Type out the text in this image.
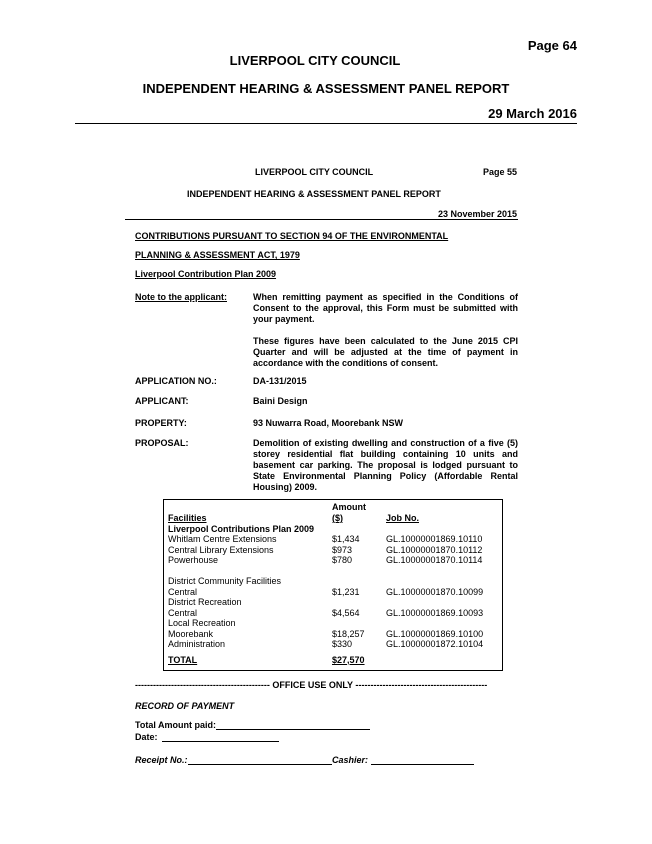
Page 64
LIVERPOOL CITY COUNCIL
INDEPENDENT HEARING & ASSESSMENT PANEL REPORT
29 March 2016
LIVERPOOL CITY COUNCIL	Page 55
INDEPENDENT HEARING & ASSESSMENT PANEL REPORT
23 November 2015
CONTRIBUTIONS PURSUANT TO SECTION 94 OF THE ENVIRONMENTAL
PLANNING & ASSESSMENT ACT, 1979
Liverpool Contribution Plan 2009
Note to the applicant:	When remitting payment as specified in the Conditions of Consent to the approval, this Form must be submitted with your payment.
These figures have been calculated to the June 2015 CPI Quarter and will be adjusted at the time of payment in accordance with the conditions of consent.
APPLICATION NO.:	DA-131/2015
APPLICANT:	Baini Design
PROPERTY:	93 Nuwarra Road, Moorebank NSW
PROPOSAL:	Demolition of existing dwelling and construction of a five (5) storey residential flat building containing 10 units and basement car parking. The proposal is lodged pursuant to State Environmental Planning Policy (Affordable Rental Housing) 2009.
Amount
Facilities	($)	Job No.
Liverpool Contributions Plan 2009
Whitlam Centre Extensions	$1,434	GL.10000001869.10110
Central Library Extensions	$973	GL.10000001870.10112
Powerhouse	$780	GL.10000001870.10114
District Community Facilities
Central	$1,231	GL.10000001870.10099
District Recreation
Central	$4,564	GL.10000001869.10093
Local Recreation
Moorebank	$18,257 GL.10000001869.10100
Administration	$330	GL.10000001872.10104
TOTAL	$27,570
--------------------------------------------- OFFICE USE ONLY --------------------------------------------
RECORD OF PAYMENT
Total Amount paid:
Date:
Receipt No.:	Cashier:
